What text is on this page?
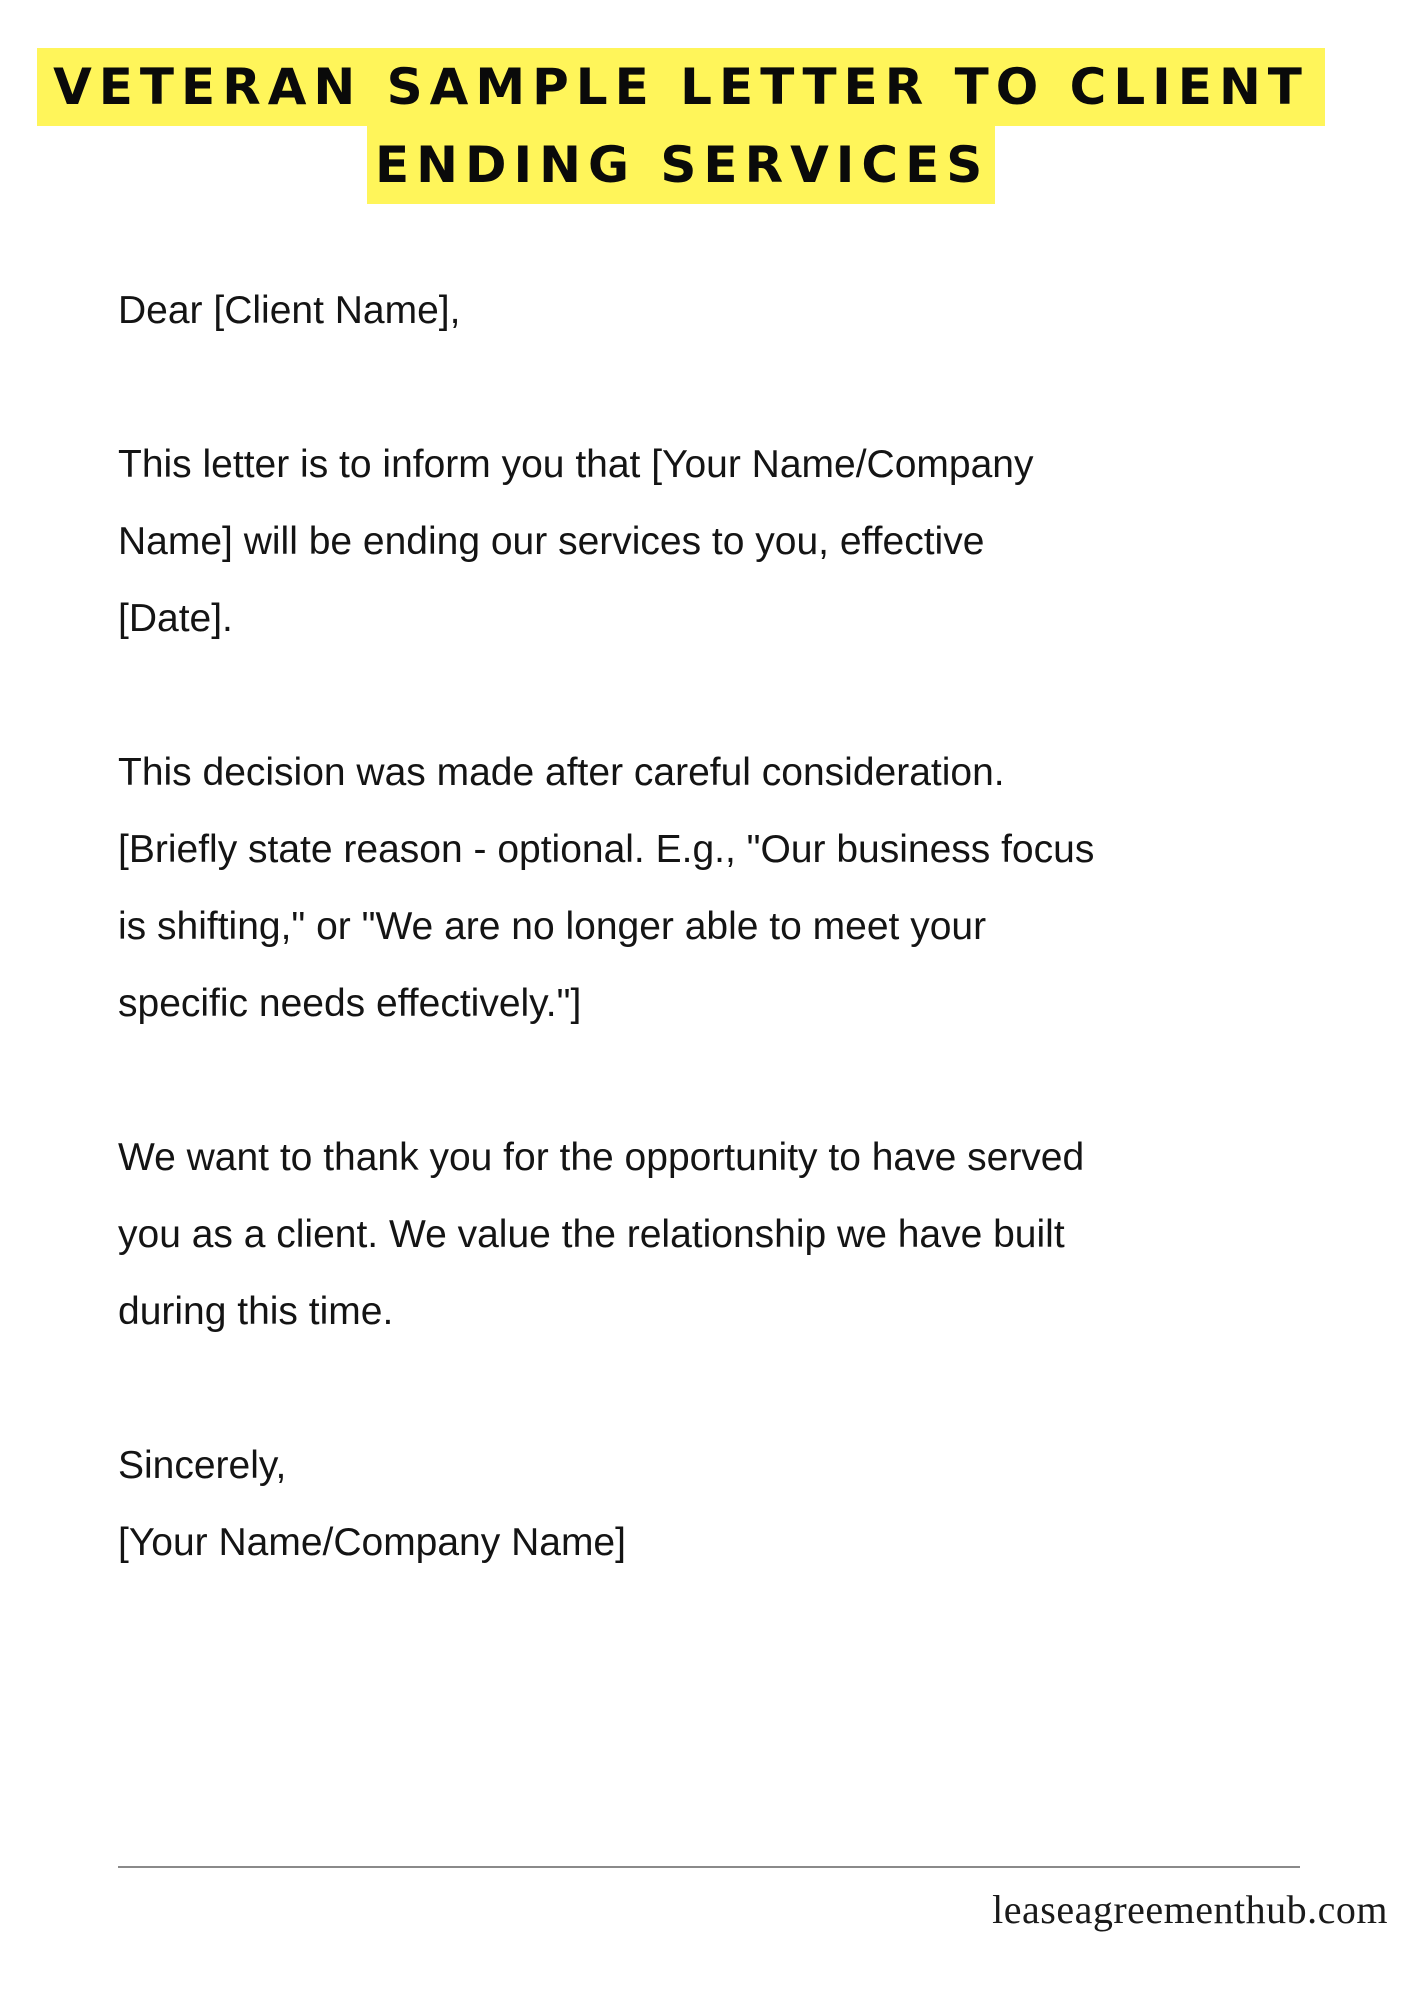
VETERAN SAMPLE LETTER TO CLIENT
ENDING SERVICES

Dear [Client Name],

This letter is to inform you that [Your Name/Company
Name] will be ending our services to you, effective
[Date].

This decision was made after careful consideration.
[Briefly state reason - optional. E.g., "Our business focus
is shifting," or "We are no longer able to meet your
specific needs effectively."]

We want to thank you for the opportunity to have served
you as a client. We value the relationship we have built
during this time.

Sincerely,
[Your Name/Company Name]

leaseagreementhub.com
